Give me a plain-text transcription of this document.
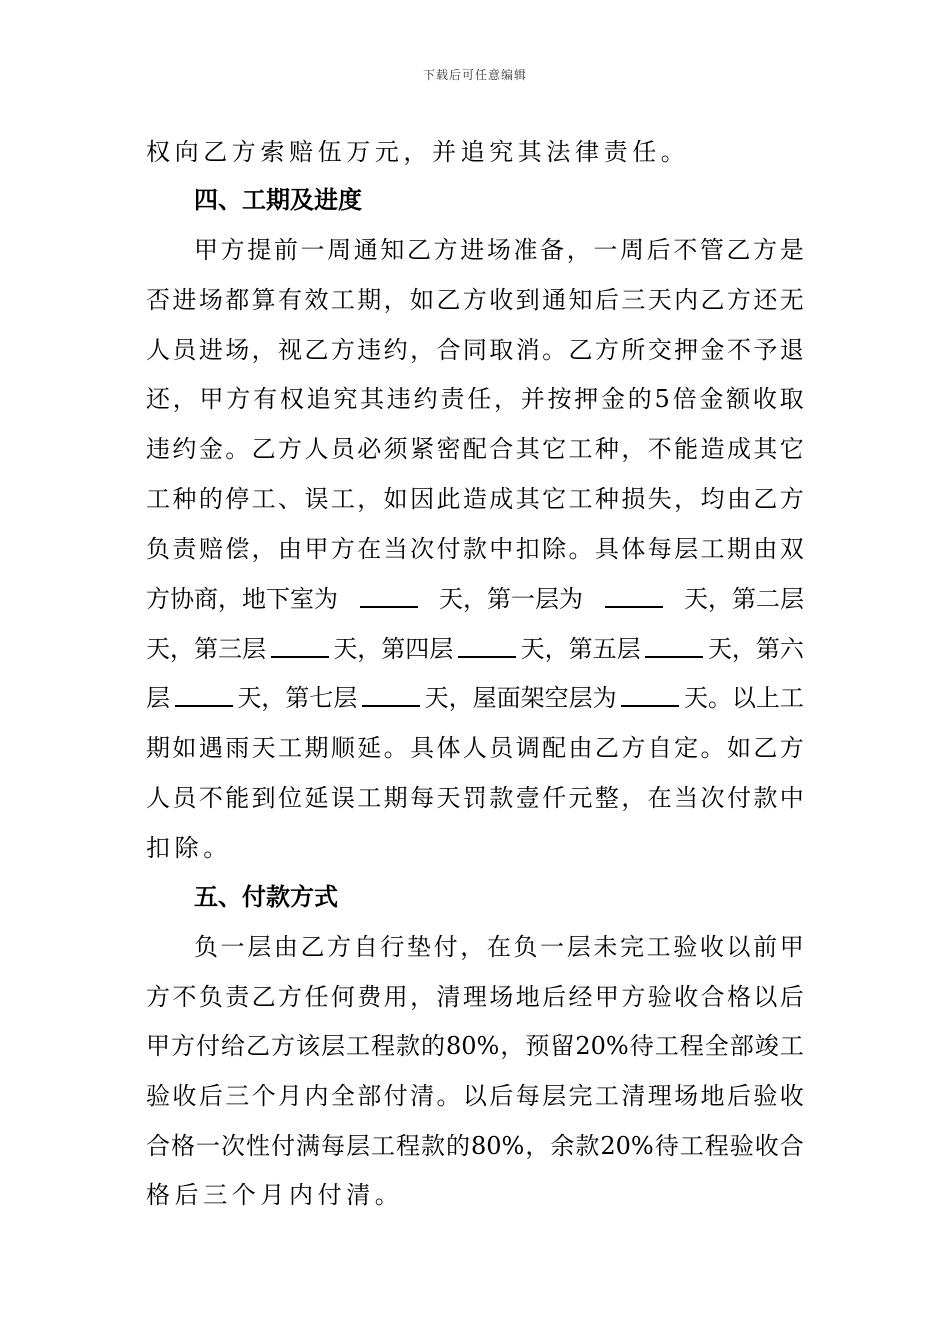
下载后可任意编辑
权向乙方索赔伍万元，并追究其法律责任。
四、工期及进度
甲 方 提 前 一 周 通 知 乙 方 进 场 准 备 ， 一 周 后 不 管 乙 方 是
否 进 场 都 算 有 效 工 期 ， 如 乙 方 收 到 通 知 后 三 天 内 乙 方 还 无
人 员 进 场 ， 视 乙 方 违 约 ， 合 同 取 消 。 乙 方 所 交 押 金 不 予 退
还 ， 甲 方 有 权 追 究 其 违 约 责 任 ， 并 按 押 金 的 5 倍 金 额 收 取
违 约 金 。 乙 方 人 员 必 须 紧 密 配 合 其 它 工 种 ， 不 能 造 成 其 它
工 种 的 停 工 、 误 工 ， 如 因 此 造 成 其 它 工 种 损 失 ， 均 由 乙 方
负 责 赔 偿 ， 由 甲 方 在 当 次 付 款 中 扣 除 。 具 体 每 层 工 期 由 双
方协商，地下室为	天，第一层为	天，第二层
天，第三层	天，第四层	天，第五层	天，第六
层	天，第七层	天，屋面架空层为	天。以上工
期 如 遇 雨 天 工 期 顺 延 。 具 体 人 员 调 配 由 乙 方 自 定 。 如 乙 方
人 员 不 能 到 位 延 误 工 期 每 天 罚 款 壹 仟 元 整 ， 在 当 次 付 款 中
扣除。
五、付款方式
负 一 层 由 乙 方 自 行 垫 付 ， 在 负 一 层 未 完 工 验 收 以 前 甲
方 不 负 责 乙 方 任 何 费 用 ， 清 理 场 地 后 经 甲 方 验 收 合 格 以 后
甲 方 付 给 乙 方 该 层 工 程 款 的 80% ， 预 留 20% 待 工 程 全 部 竣 工
验 收 后 三 个 月 内 全 部 付 清 。 以 后 每 层 完 工 清 理 场 地 后 验 收
合 格 一 次 性 付 满 每 层 工 程 款 的 80% ， 余 款 20% 待 工 程 验 收 合
格后三个月内付清。
